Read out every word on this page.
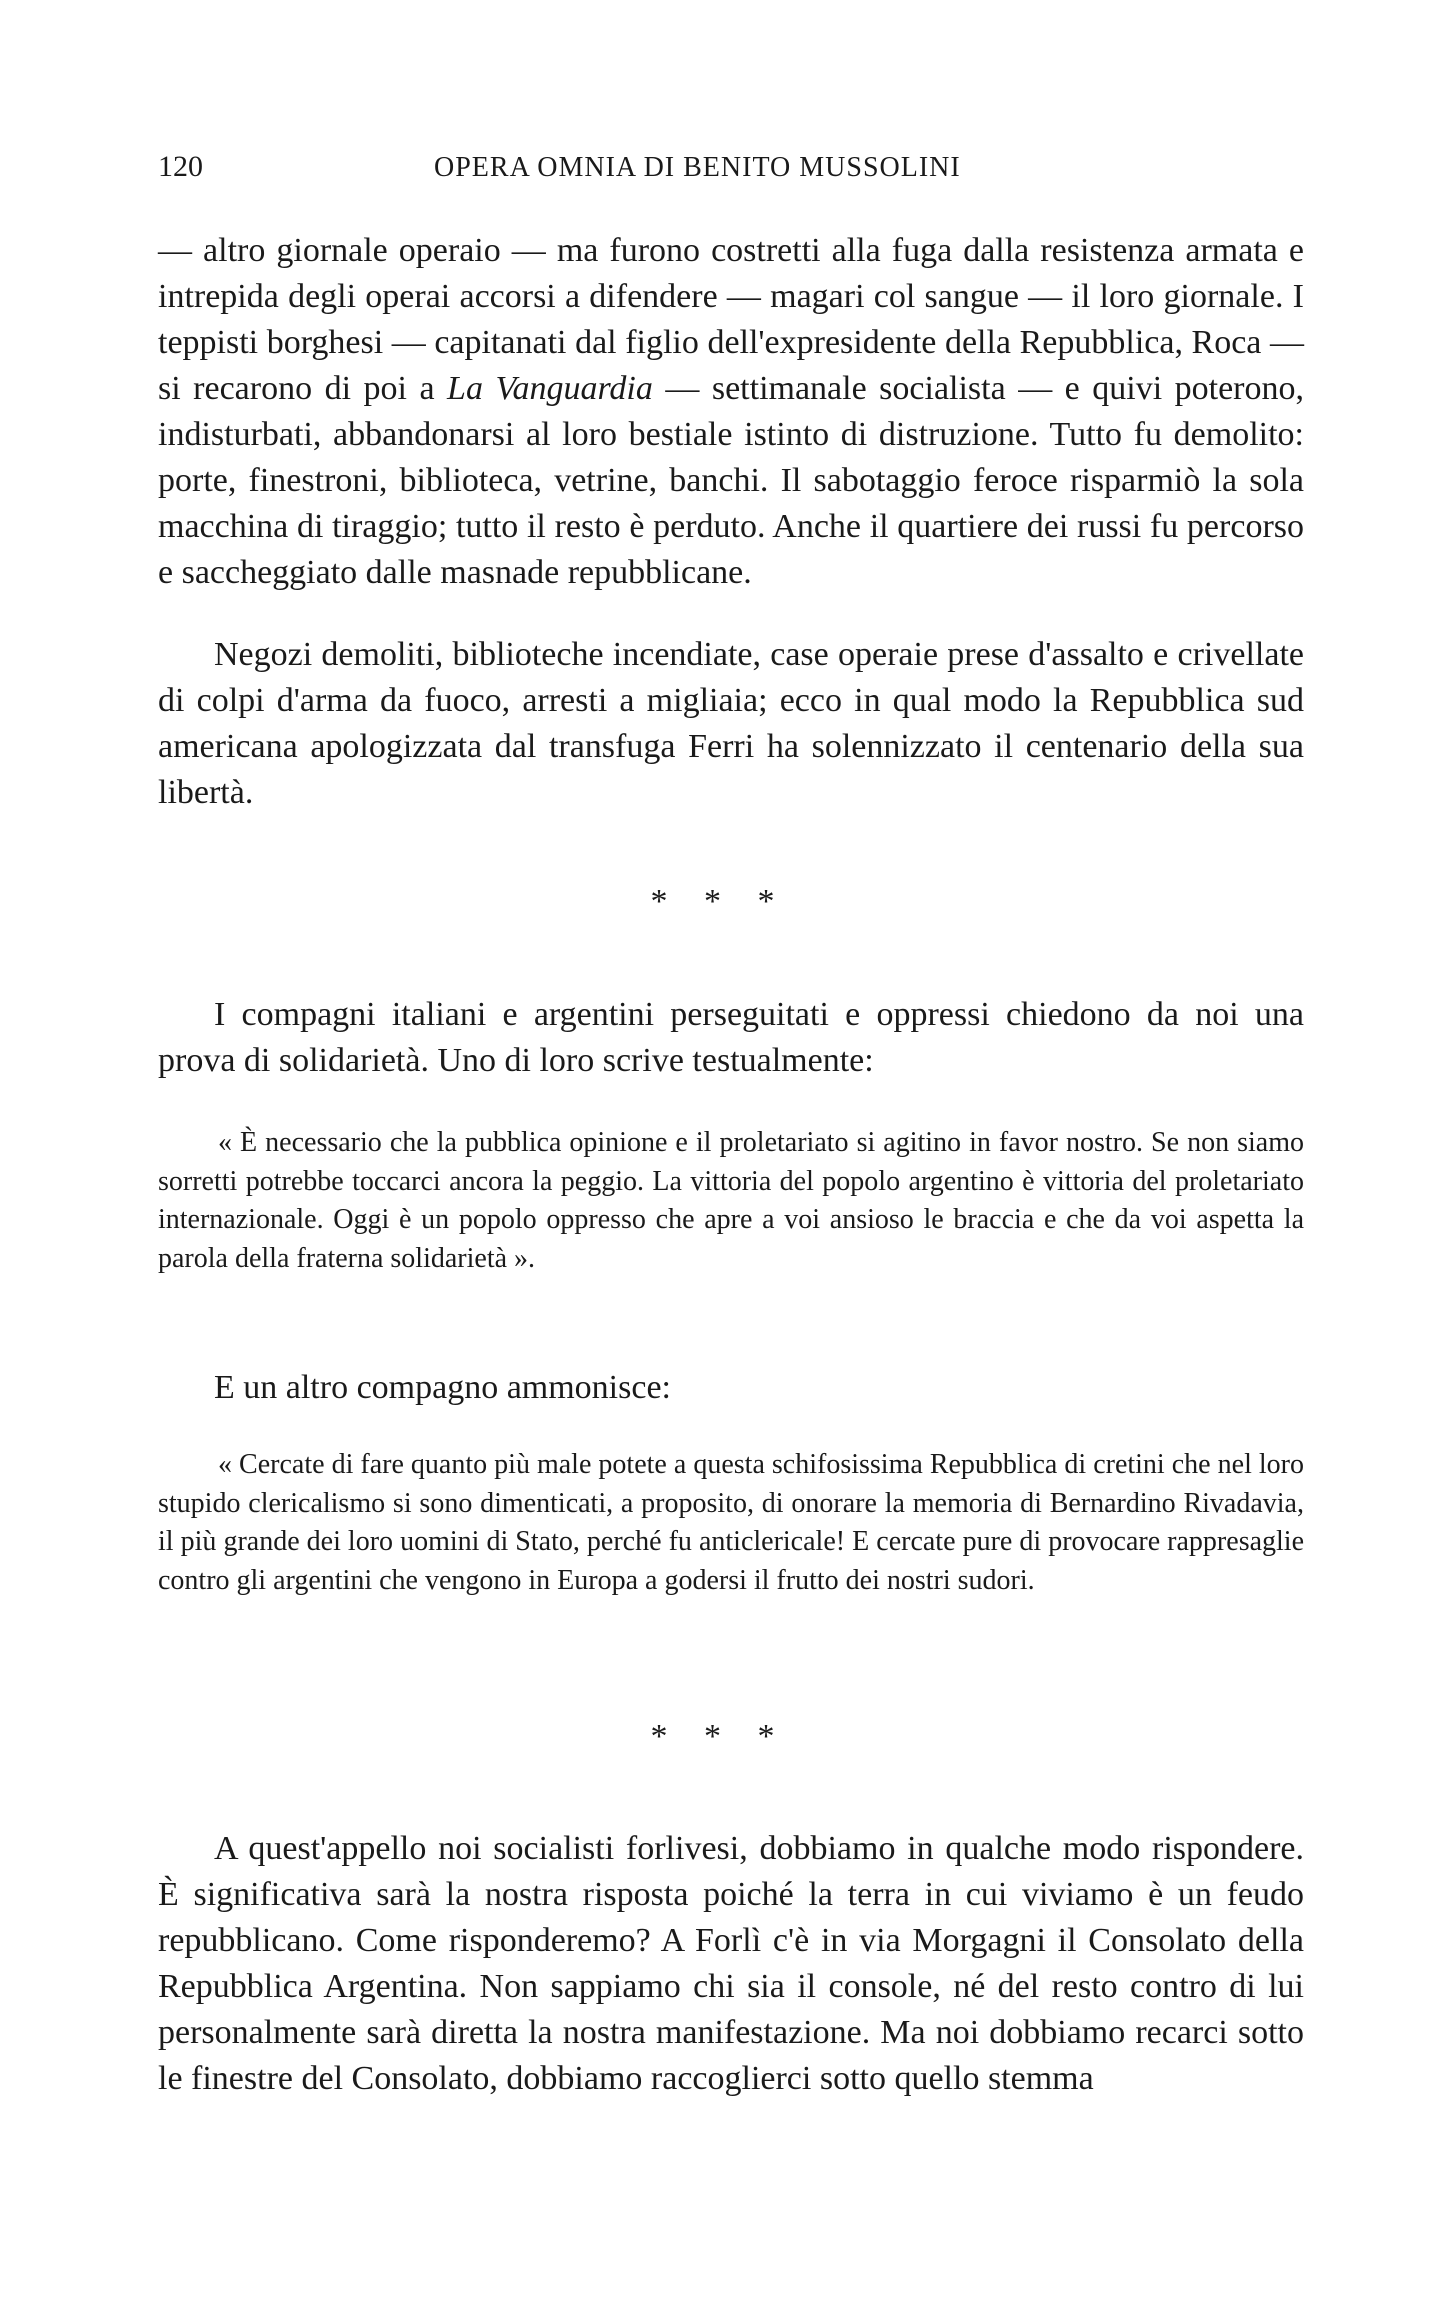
120	OPERA OMNIA DI BENITO MUSSOLINI

— altro giornale operaio — ma furono costretti alla fuga dalla resistenza armata e intrepida degli operai accorsi a difendere — magari col sangue — il loro giornale. I teppisti borghesi — capitanati dal figlio dell'expresidente della Repubblica, Roca — si recarono di poi a La Vanguardia — settimanale socialista — e quivi poterono, indisturbati, abbandonarsi al loro bestiale istinto di distruzione. Tutto fu demolito: porte, finestroni, biblioteca, vetrine, banchi. Il sabotaggio feroce risparmiò la sola macchina di tiraggio; tutto il resto è perduto. Anche il quartiere dei russi fu percorso e saccheggiato dalle masnade repubblicane.

Negozi demoliti, biblioteche incendiate, case operaie prese d'assalto e crivellate di colpi d'arma da fuoco, arresti a migliaia; ecco in qual modo la Repubblica sud americana apologizzata dal transfuga Ferri ha solennizzato il centenario della sua libertà.

* * *

I compagni italiani e argentini perseguitati e oppressi chiedono da noi una prova di solidarietà. Uno di loro scrive testualmente:

« È necessario che la pubblica opinione e il proletariato si agitino in favor nostro. Se non siamo sorretti potrebbe toccarci ancora la peggio. La vittoria del popolo argentino è vittoria del proletariato internazionale. Oggi è un popolo oppresso che apre a voi ansioso le braccia e che da voi aspetta la parola della fraterna solidarietà ».

E un altro compagno ammonisce:

« Cercate di fare quanto più male potete a questa schifosissima Repubblica di cretini che nel loro stupido clericalismo si sono dimenticati, a proposito, di onorare la memoria di Bernardino Rivadavia, il più grande dei loro uomini di Stato, perché fu anticlericale! E cercate pure di provocare rappresaglie contro gli argentini che vengono in Europa a godersi il frutto dei nostri sudori.

* * *

A quest'appello noi socialisti forlivesi, dobbiamo in qualche modo rispondere. È significativa sarà la nostra risposta poiché la terra in cui viviamo è un feudo repubblicano. Come risponderemo? A Forlì c'è in via Morgagni il Consolato della Repubblica Argentina. Non sappiamo chi sia il console, né del resto contro di lui personalmente sarà diretta la nostra manifestazione. Ma noi dobbiamo recarci sotto le finestre del Consolato, dobbiamo raccoglierci sotto quello stemma
